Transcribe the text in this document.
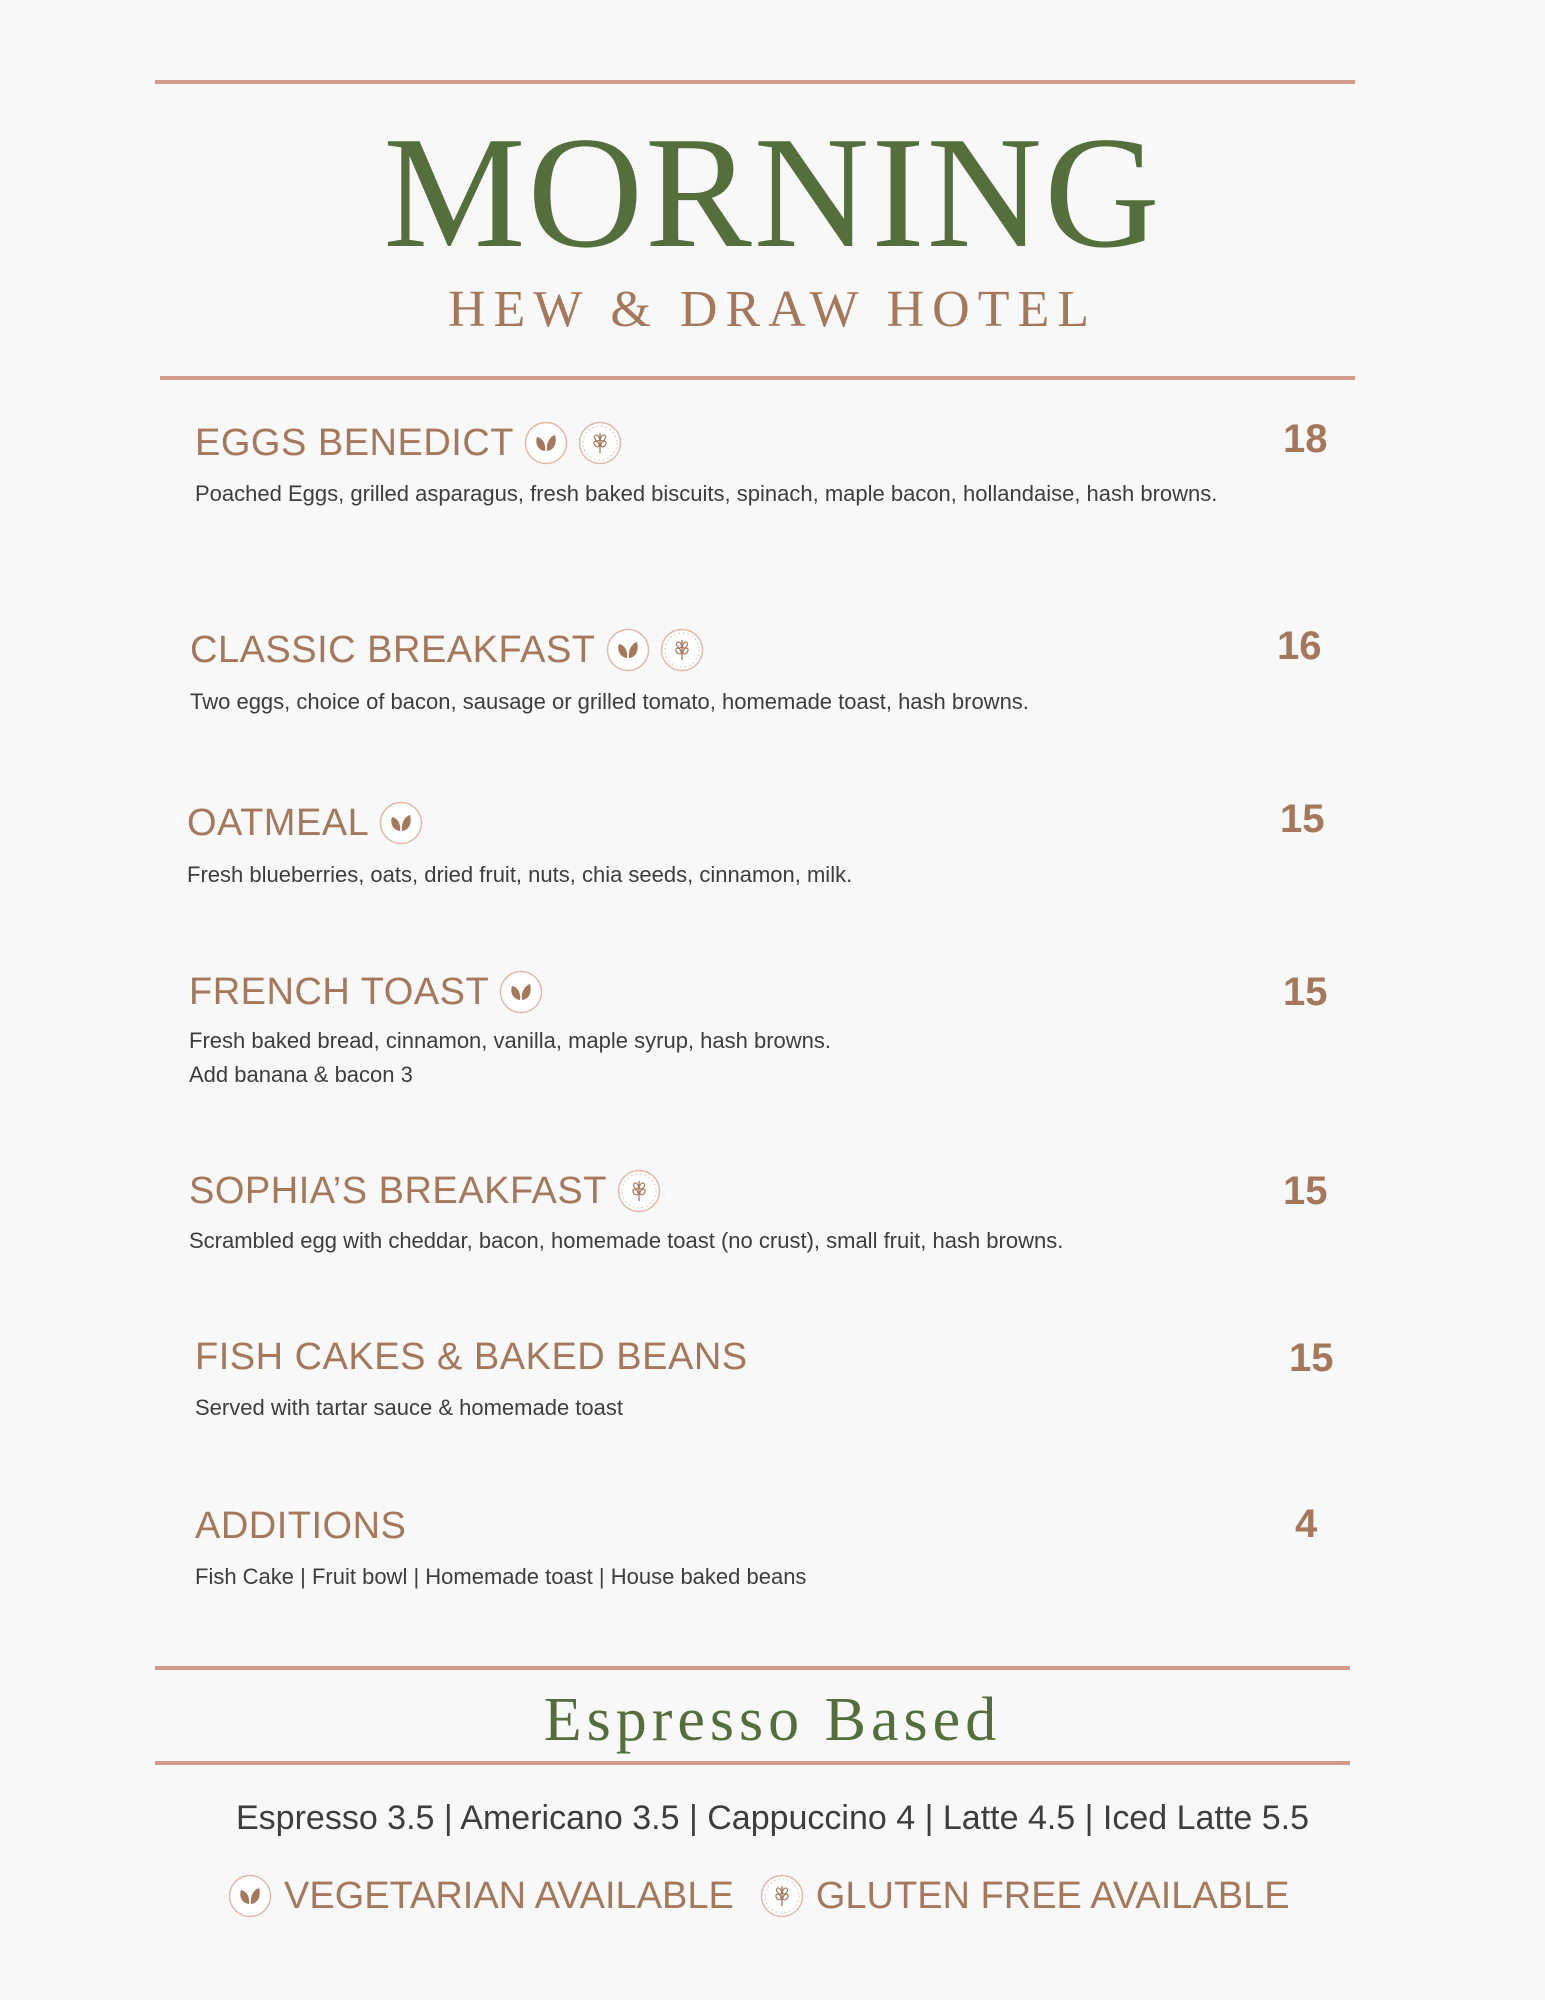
MORNING
HEW & DRAW HOTEL
EGGS BENEDICT	18
Poached Eggs, grilled asparagus, fresh baked biscuits, spinach, maple bacon, hollandaise, hash browns.
CLASSIC BREAKFAST	16
Two eggs, choice of bacon, sausage or grilled tomato, homemade toast, hash browns.
OATMEAL	15
Fresh blueberries, oats, dried fruit, nuts, chia seeds, cinnamon, milk.
FRENCH TOAST	15
Fresh baked bread, cinnamon, vanilla, maple syrup, hash browns.
Add banana & bacon 3
SOPHIA’S BREAKFAST	15
Scrambled egg with cheddar, bacon, homemade toast (no crust), small fruit, hash browns.
FISH CAKES & BAKED BEANS	15
Served with tartar sauce & homemade toast
ADDITIONS	4
Fish Cake | Fruit bowl | Homemade toast | House baked beans
Espresso Based
Espresso 3.5 | Americano 3.5 | Cappuccino 4 | Latte 4.5 | Iced Latte 5.5
VEGETARIAN AVAILABLE GLUTEN FREE AVAILABLE
